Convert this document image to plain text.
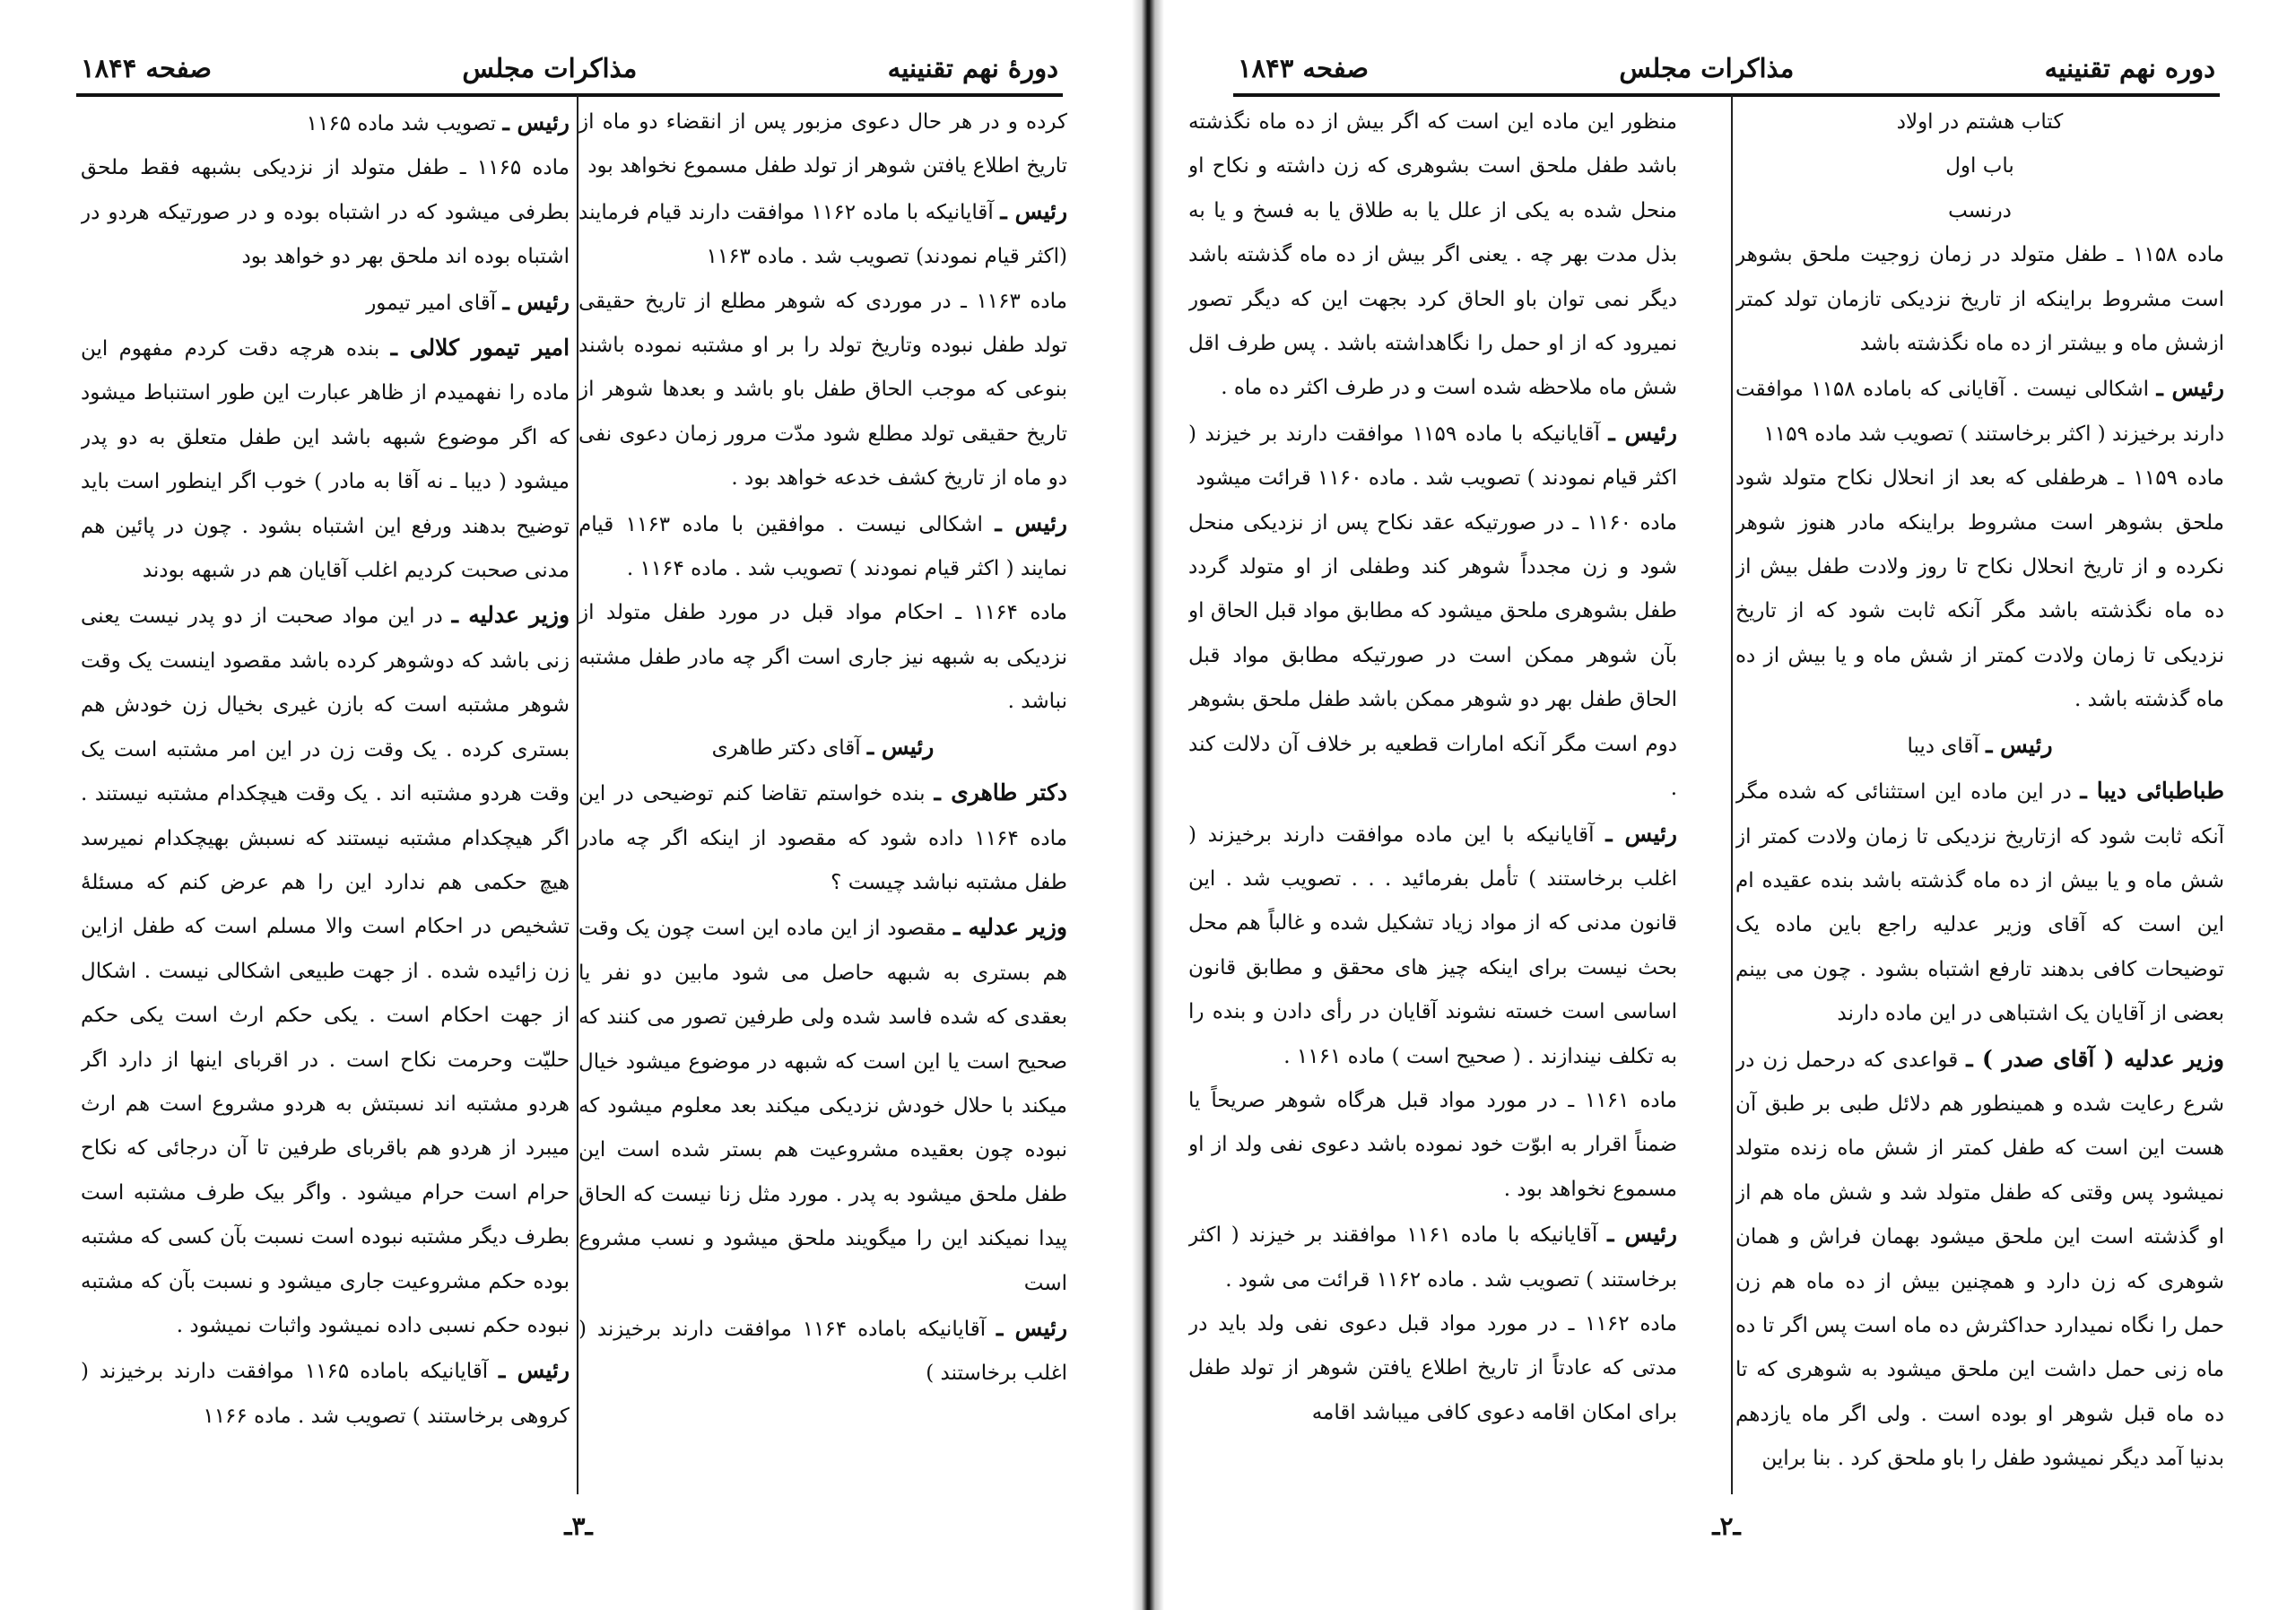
دورهٔ نهم تقنینیه
مذاکرات مجلس
صفحه ۱۸۴۴
کرده و در هر حال دعوی مزبور پس از انقضاء دو ماه از تاریخ اطلاع یافتن شوهر از تولد طفل مسموع نخواهد بود
رئیس ـ آقایانیکه با ماده ۱۱۶۲ موافقت دارند قیام فرمایند (اکثر قیام نمودند) تصویب شد . ماده ۱۱۶۳
ماده ۱۱۶۳ ـ در موردی که شوهر مطلع از تاریخ حقیقی تولد طفل نبوده وتاریخ تولد را بر او مشتبه نموده باشند بنوعی که موجب الحاق طفل باو باشد و بعدها شوهر از تاریخ حقیقی تولد مطلع شود مدّت مرور زمان دعوی نفی دو ماه از تاریخ کشف خدعه خواهد بود .
رئیس ـ اشکالی نیست . موافقین با ماده ۱۱۶۳ قیام نمایند ( اکثر قیام نمودند ) تصویب شد . ماده ۱۱۶۴ .
ماده ۱۱۶۴ ـ احکام مواد قبل در مورد طفل متولد از نزدیکی به شبهه نیز جاری است اگر چه مادر طفل مشتبه نباشد .
رئیس ـ آقای دکتر طاهری
دکتر طاهری ـ بنده خواستم تقاضا کنم توضیحی در این ماده ۱۱۶۴ داده شود که مقصود از اینکه اگر چه مادر طفل مشتبه نباشد چیست ؟
وزیر عدلیه ـ مقصود از این ماده این است چون یک وقت هم بستری به شبهه حاصل می شود مابین دو نفر یا بعقدی که شده فاسد شده ولی طرفین تصور می کنند که صحیح است یا این است که شبهه در موضوع میشود خیال میکند با حلال خودش نزدیکی میکند بعد معلوم میشود که نبوده چون بعقیده مشروعیت هم بستر شده است این طفل ملحق میشود به پدر . مورد مثل زنا نیست که الحاق پیدا نمیکند این را میگویند ملحق میشود و نسب مشروع است
رئیس ـ آقایانیکه باماده ۱۱۶۴ موافقت دارند برخیزند ( اغلب برخاستند )
رئیس ـ تصویب شد ماده ۱۱۶۵
ماده ۱۱۶۵ ـ طفل متولد از نزدیکی بشبهه فقط ملحق بطرفی میشود که در اشتباه بوده و در صورتیکه هردو در اشتباه بوده اند ملحق بهر دو خواهد بود
رئیس ـ آقای امیر تیمور
امیر تیمور کلالی ـ بنده هرچه دقت کردم مفهوم این ماده را نفهمیدم از ظاهر عبارت این طور استنباط میشود که اگر موضوع شبهه باشد این طفل متعلق به دو پدر میشود ( دیبا ـ نه آقا به مادر ) خوب اگر اینطور است باید توضیح بدهند ورفع این اشتباه بشود . چون در پائین هم مدنی صحبت کردیم اغلب آقایان هم در شبهه بودند
وزیر عدلیه ـ در این مواد صحبت از دو پدر نیست یعنی زنی باشد که دوشوهر کرده باشد مقصود اینست یک وقت شوهر مشتبه است که بازن غیری بخیال زن خودش هم بستری کرده . یک وقت زن در این امر مشتبه است یک وقت هردو مشتبه اند . یک وقت هیچکدام مشتبه نیستند . اگر هیچکدام مشتبه نیستند که نسبش بهیچکدام نمیرسد هیچ حکمی هم ندارد این را هم عرض کنم که مسئلهٔ تشخیص در احکام است والا مسلم است که طفل ازاین زن زائیده شده . از جهت طبیعی اشکالی نیست . اشکال از جهت احکام است . یکی حکم ارث است یکی حکم حلیّت وحرمت نکاح است . در اقربای اینها از دارد اگر هردو مشتبه اند نسبتش به هردو مشروع است هم ارث میبرد از هردو هم باقربای طرفین تا آن درجائی که نکاح حرام است حرام میشود . واگر بیک طرف مشتبه است بطرف دیگر مشتبه نبوده است نسبت بآن کسی که مشتبه بوده حکم مشروعیت جاری میشود و نسبت بآن که مشتبه نبوده حکم نسبی داده نمیشود واثبات نمیشود .
رئیس ـ آقایانیکه باماده ۱۱۶۵ موافقت دارند برخیزند ( کروهی برخاستند ) تصویب شد . ماده ۱۱۶۶
ـ۳ـ
دوره نهم تقنینیه
مذاکرات مجلس
صفحه ۱۸۴۳
کتاب هشتم در اولاد
باب اول
درنسب
ماده ۱۱۵۸ ـ طفل متولد در زمان زوجیت ملحق بشوهر است مشروط براینکه از تاریخ نزدیکی تازمان تولد کمتر ازشش ماه و بیشتر از ده ماه نگذشته باشد
رئیس ـ اشکالی نیست . آقایانی که باماده ۱۱۵۸ موافقت دارند برخیزند ( اکثر برخاستند ) تصویب شد ماده ۱۱۵۹
ماده ۱۱۵۹ ـ هرطفلی که بعد از انحلال نکاح متولد شود ملحق بشوهر است مشروط براینکه مادر هنوز شوهر نکرده و از تاریخ انحلال نکاح تا روز ولادت طفل بیش از ده ماه نگذشته باشد مگر آنکه ثابت شود که از تاریخ نزدیکی تا زمان ولادت کمتر از شش ماه و یا بیش از ده ماه گذشته باشد .
رئیس ـ آقای دیبا
طباطبائی دیبا ـ در این ماده این استثنائی که شده مگر آنکه ثابت شود که ازتاریخ نزدیکی تا زمان ولادت کمتر از شش ماه و یا بیش از ده ماه گذشته باشد بنده عقیده ام این است که آقای وزیر عدلیه راجع باین ماده یک توضیحات کافی بدهند تارفع اشتباه بشود . چون می بینم بعضی از آقایان یک اشتباهی در این ماده دارند
وزیر عدلیه ( آقای صدر ) ـ قواعدی که درحمل زن در شرع رعایت شده و همینطور هم دلائل طبی بر طبق آن هست این است که طفل کمتر از شش ماه زنده متولد نمیشود پس وقتی که طفل متولد شد و شش ماه هم از او گذشته است این ملحق میشود بهمان فراش و همان شوهری که زن دارد و همچنین بیش از ده ماه هم زن حمل را نگاه نمیدارد حداکثرش ده ماه است پس اگر تا ده ماه زنی حمل داشت این ملحق میشود به شوهری که تا ده ماه قبل شوهر او بوده است . ولی اگر ماه یازدهم بدنیا آمد دیگر نمیشود طفل را باو ملحق کرد . بنا براین
منظور این ماده این است که اگر بیش از ده ماه نگذشته باشد طفل ملحق است بشوهری که زن داشته و نکاح او منحل شده به یکی از علل یا به طلاق یا به فسخ و یا به بذل مدت بهر چه . یعنی اگر بیش از ده ماه گذشته باشد دیگر نمی توان باو الحاق کرد بجهت این که دیگر تصور نمیرود که از او حمل را نگاهداشته باشد . پس طرف اقل شش ماه ملاحظه شده است و در طرف اکثر ده ماه .
رئیس ـ آقایانیکه با ماده ۱۱۵۹ موافقت دارند بر خیزند ( اکثر قیام نمودند ) تصویب شد . ماده ۱۱۶۰ قرائت میشود
ماده ۱۱۶۰ ـ در صورتیکه عقد نکاح پس از نزدیکی منحل شود و زن مجدداً شوهر کند وطفلی از او متولد گردد طفل بشوهری ملحق میشود که مطابق مواد قبل الحاق او بآن شوهر ممکن است در صورتیکه مطابق مواد قبل الحاق طفل بهر دو شوهر ممکن باشد طفل ملحق بشوهر دوم است مگر آنکه امارات قطعیه بر خلاف آن دلالت کند .
رئیس ـ آقایانیکه با این ماده موافقت دارند برخیزند ( اغلب برخاستند ) تأمل بفرمائید . . . تصویب شد . این قانون مدنی که از مواد زیاد تشکیل شده و غالباً هم محل بحث نیست برای اینکه چیز های محقق و مطابق قانون اساسی است خسته نشوند آقایان در رأی دادن و بنده را به تکلف نیندازند . ( صحیح است ) ماده ۱۱۶۱ .
ماده ۱۱۶۱ ـ در مورد مواد قبل هرگاه شوهر صریحاً یا ضمناً اقرار به ابوّت خود نموده باشد دعوی نفی ولد از او مسموع نخواهد بود .
رئیس ـ آقایانیکه با ماده ۱۱۶۱ موافقند بر خیزند ( اکثر برخاستند ) تصویب شد . ماده ۱۱۶۲ قرائت می شود .
ماده ۱۱۶۲ ـ در مورد مواد قبل دعوی نفی ولد باید در مدتی که عادتاً از تاریخ اطلاع یافتن شوهر از تولد طفل برای امکان اقامه دعوی کافی میباشد اقامه
ـ۲ـ
